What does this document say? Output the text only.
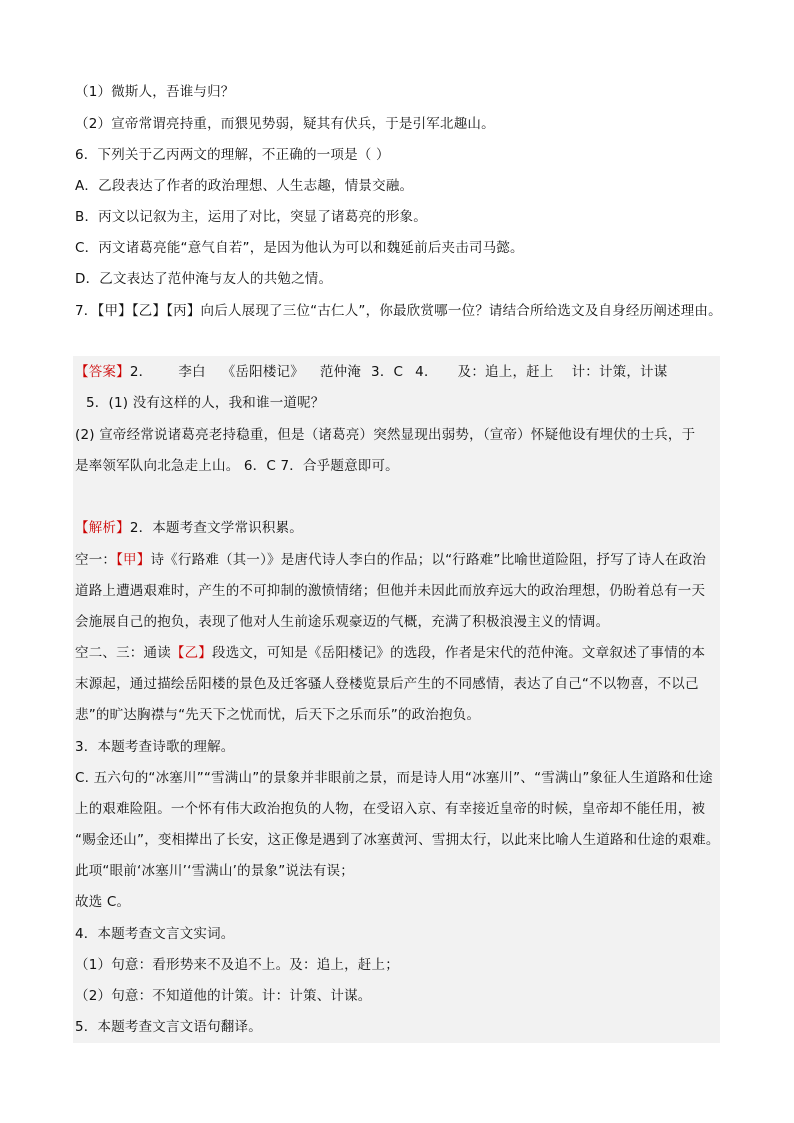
（1）微斯人，吾谁与归？
（2）宣帝常谓亮持重，而猥见势弱，疑其有伏兵，于是引军北趣山。
6．下列关于乙丙两文的理解，不正确的一项是（ ）
A．乙段表达了作者的政治理想、人生志趣，情景交融。
B．丙文以记叙为主，运用了对比，突显了诸葛亮的形象。
C．丙文诸葛亮能“意气自若”，是因为他认为可以和魏延前后夹击司马懿。
D．乙文表达了范仲淹与友人的共勉之情。
7．【甲】【乙】【丙】向后人展现了三位“古仁人”，你最欣赏哪一位？请结合所给选文及自身经历阐述理由。
【答案】2． 李白 《岳阳楼记》 范仲淹 3．C 4． 及：追上，赶上 计：计策，计谋
5．(1) 没有这样的人，我和谁一道呢？
(2) 宣帝经常说诸葛亮老持稳重，但是（诸葛亮）突然显现出弱势，（宣帝）怀疑他设有埋伏的士兵，于
是率领军队向北急走上山。 6．C 7．合乎题意即可。
【解析】2．本题考查文学常识积累。
空一：【甲】诗《行路难（其一）》是唐代诗人李白的作品；以“行路难”比喻世道险阻，抒写了诗人在政治
道路上遭遇艰难时，产生的不可抑制的激愤情绪；但他并未因此而放弃远大的政治理想，仍盼着总有一天
会施展自己的抱负，表现了他对人生前途乐观豪迈的气概，充满了积极浪漫主义的情调。
空二、三：通读【乙】段选文，可知是《岳阳楼记》的选段，作者是宋代的范仲淹。文章叙述了事情的本
末源起，通过描绘岳阳楼的景色及迁客骚人登楼览景后产生的不同感情，表达了自己“不以物喜，不以己
悲”的旷达胸襟与“先天下之忧而忧，后天下之乐而乐”的政治抱负。
3．本题考查诗歌的理解。
C. 五六句的“冰塞川”“雪满山”的景象并非眼前之景，而是诗人用“冰塞川”、“雪满山”象征人生道路和仕途
上的艰难险阻。一个怀有伟大政治抱负的人物，在受诏入京、有幸接近皇帝的时候，皇帝却不能任用，被
“赐金还山”，变相撵出了长安，这正像是遇到了冰塞黄河、雪拥太行，以此来比喻人生道路和仕途的艰难。
此项“眼前‘冰塞川’‘雪满山’的景象”说法有误；
故选 C。
4．本题考查文言文实词。
（1）句意：看形势来不及追不上。及：追上，赶上；
（2）句意：不知道他的计策。计：计策、计谋。
5．本题考查文言文语句翻译。
